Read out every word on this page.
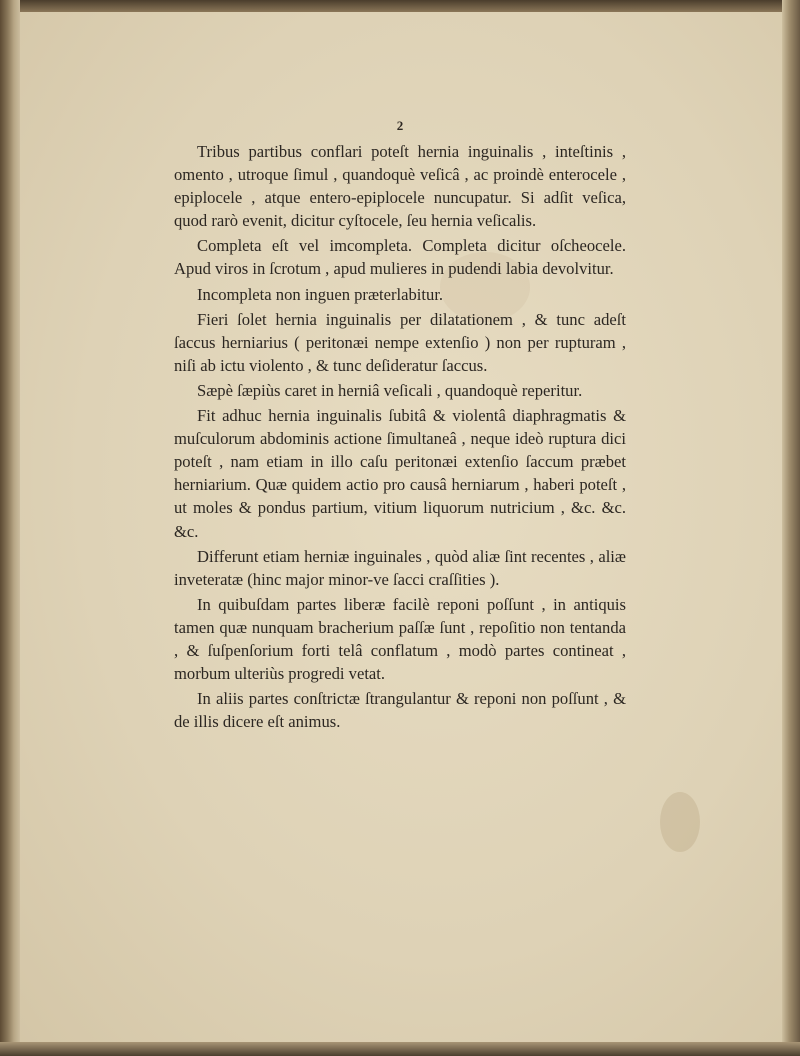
2

Tribus partibus conflari poteſt hernia inguinalis , inteſtinis , omento , utroque ſimul , quandoquè veſicâ , ac proindè enterocele , epiplocele , atque entero-epiplocele nuncupatur. Si adſit veſica, quod rarò evenit, dicitur cyſtocele, ſeu hernia veſicalis.

Completa eſt vel imcompleta. Completa dicitur oſcheocele. Apud viros in ſcrotum , apud mulieres in pudendi labia devolvitur.

Incompleta non inguen præterlabitur.

Fieri ſolet hernia inguinalis per dilatationem , & tunc adeſt ſaccus herniarius ( peritonæi nempe extenſio ) non per rupturam , niſi ab ictu violento , & tunc deſideratur ſaccus.

Sæpè ſæpiùs caret in herniâ veſicali , quandoquè reperitur.

Fit adhuc hernia inguinalis ſubitâ & violentâ diaphragmatis & muſculorum abdominis actione ſimultaneâ , neque ideò ruptura dici poteſt , nam etiam in illo caſu peritonæi extenſio ſaccum præbet herniarium. Quæ quidem actio pro causâ herniarum , haberi poteſt , ut moles & pondus partium, vitium liquorum nutricium , &c. &c. &c.

Differunt etiam herniæ inguinales , quòd aliæ ſint recentes , aliæ inveteratæ (hinc major minor-ve ſacci craſſities ).

In quibuſdam partes liberæ facilè reponi poſſunt , in antiquis tamen quæ nunquam bracherium paſſæ ſunt , repoſitio non tentanda , & ſuſpenſorium forti telâ conflatum , modò partes contineat , morbum ulteriùs progredi vetat.

In aliis partes conſtrictæ ſtrangulantur & reponi non poſſunt , & de illis dicere eſt animus.
